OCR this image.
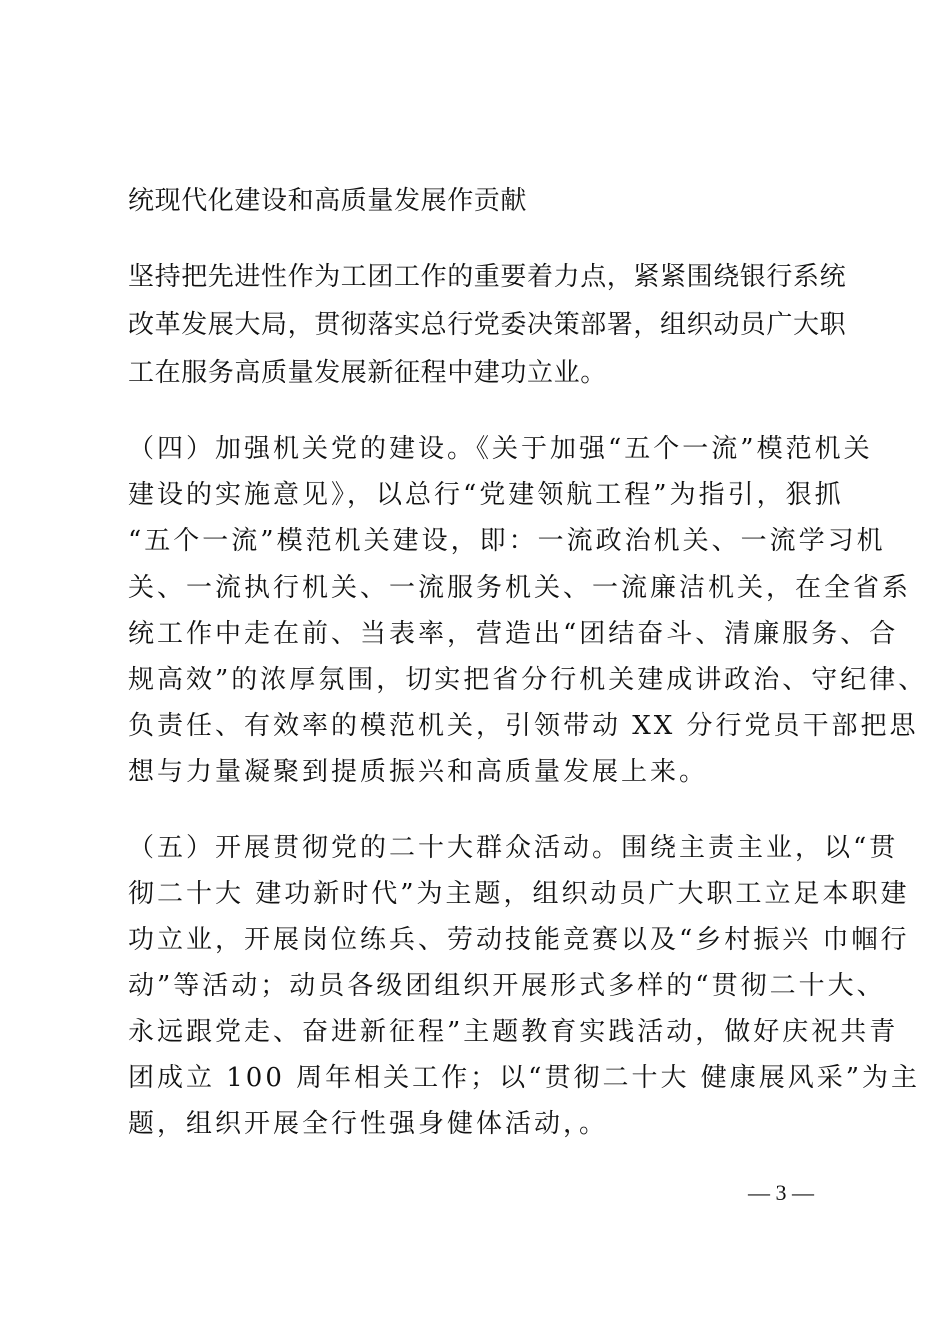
统现代化建设和高质量发展作贡献
坚持把先进性作为工团工作的重要着力点，紧紧围绕银行系统
改革发展大局，贯彻落实总行党委决策部署，组织动员广大职
工在服务高质量发展新征程中建功立业。
（四）加强机关党的建设。《关于加强“五个一流”模范机关
建设的实施意见》，以总行“党建领航工程”为指引，狠抓
“五个一流”模范机关建设，即：一流政治机关、一流学习机
关、一流执行机关、一流服务机关、一流廉洁机关，在全省系
统工作中走在前、当表率，营造出“团结奋斗、清廉服务、合
规高效”的浓厚氛围，切实把省分行机关建成讲政治、守纪律、
负责任、有效率的模范机关，引领带动 XX 分行党员干部把思
想与力量凝聚到提质振兴和高质量发展上来。
（五）开展贯彻党的二十大群众活动。围绕主责主业，以“贯
彻二十大 建功新时代”为主题，组织动员广大职工立足本职建
功立业，开展岗位练兵、劳动技能竞赛以及“乡村振兴 巾帼行
动”等活动；动员各级团组织开展形式多样的“贯彻二十大、
永远跟党走、奋进新征程”主题教育实践活动，做好庆祝共青
团成立 100 周年相关工作；以“贯彻二十大 健康展风采”为主
题，组织开展全行性强身健体活动，。
— 3 —
